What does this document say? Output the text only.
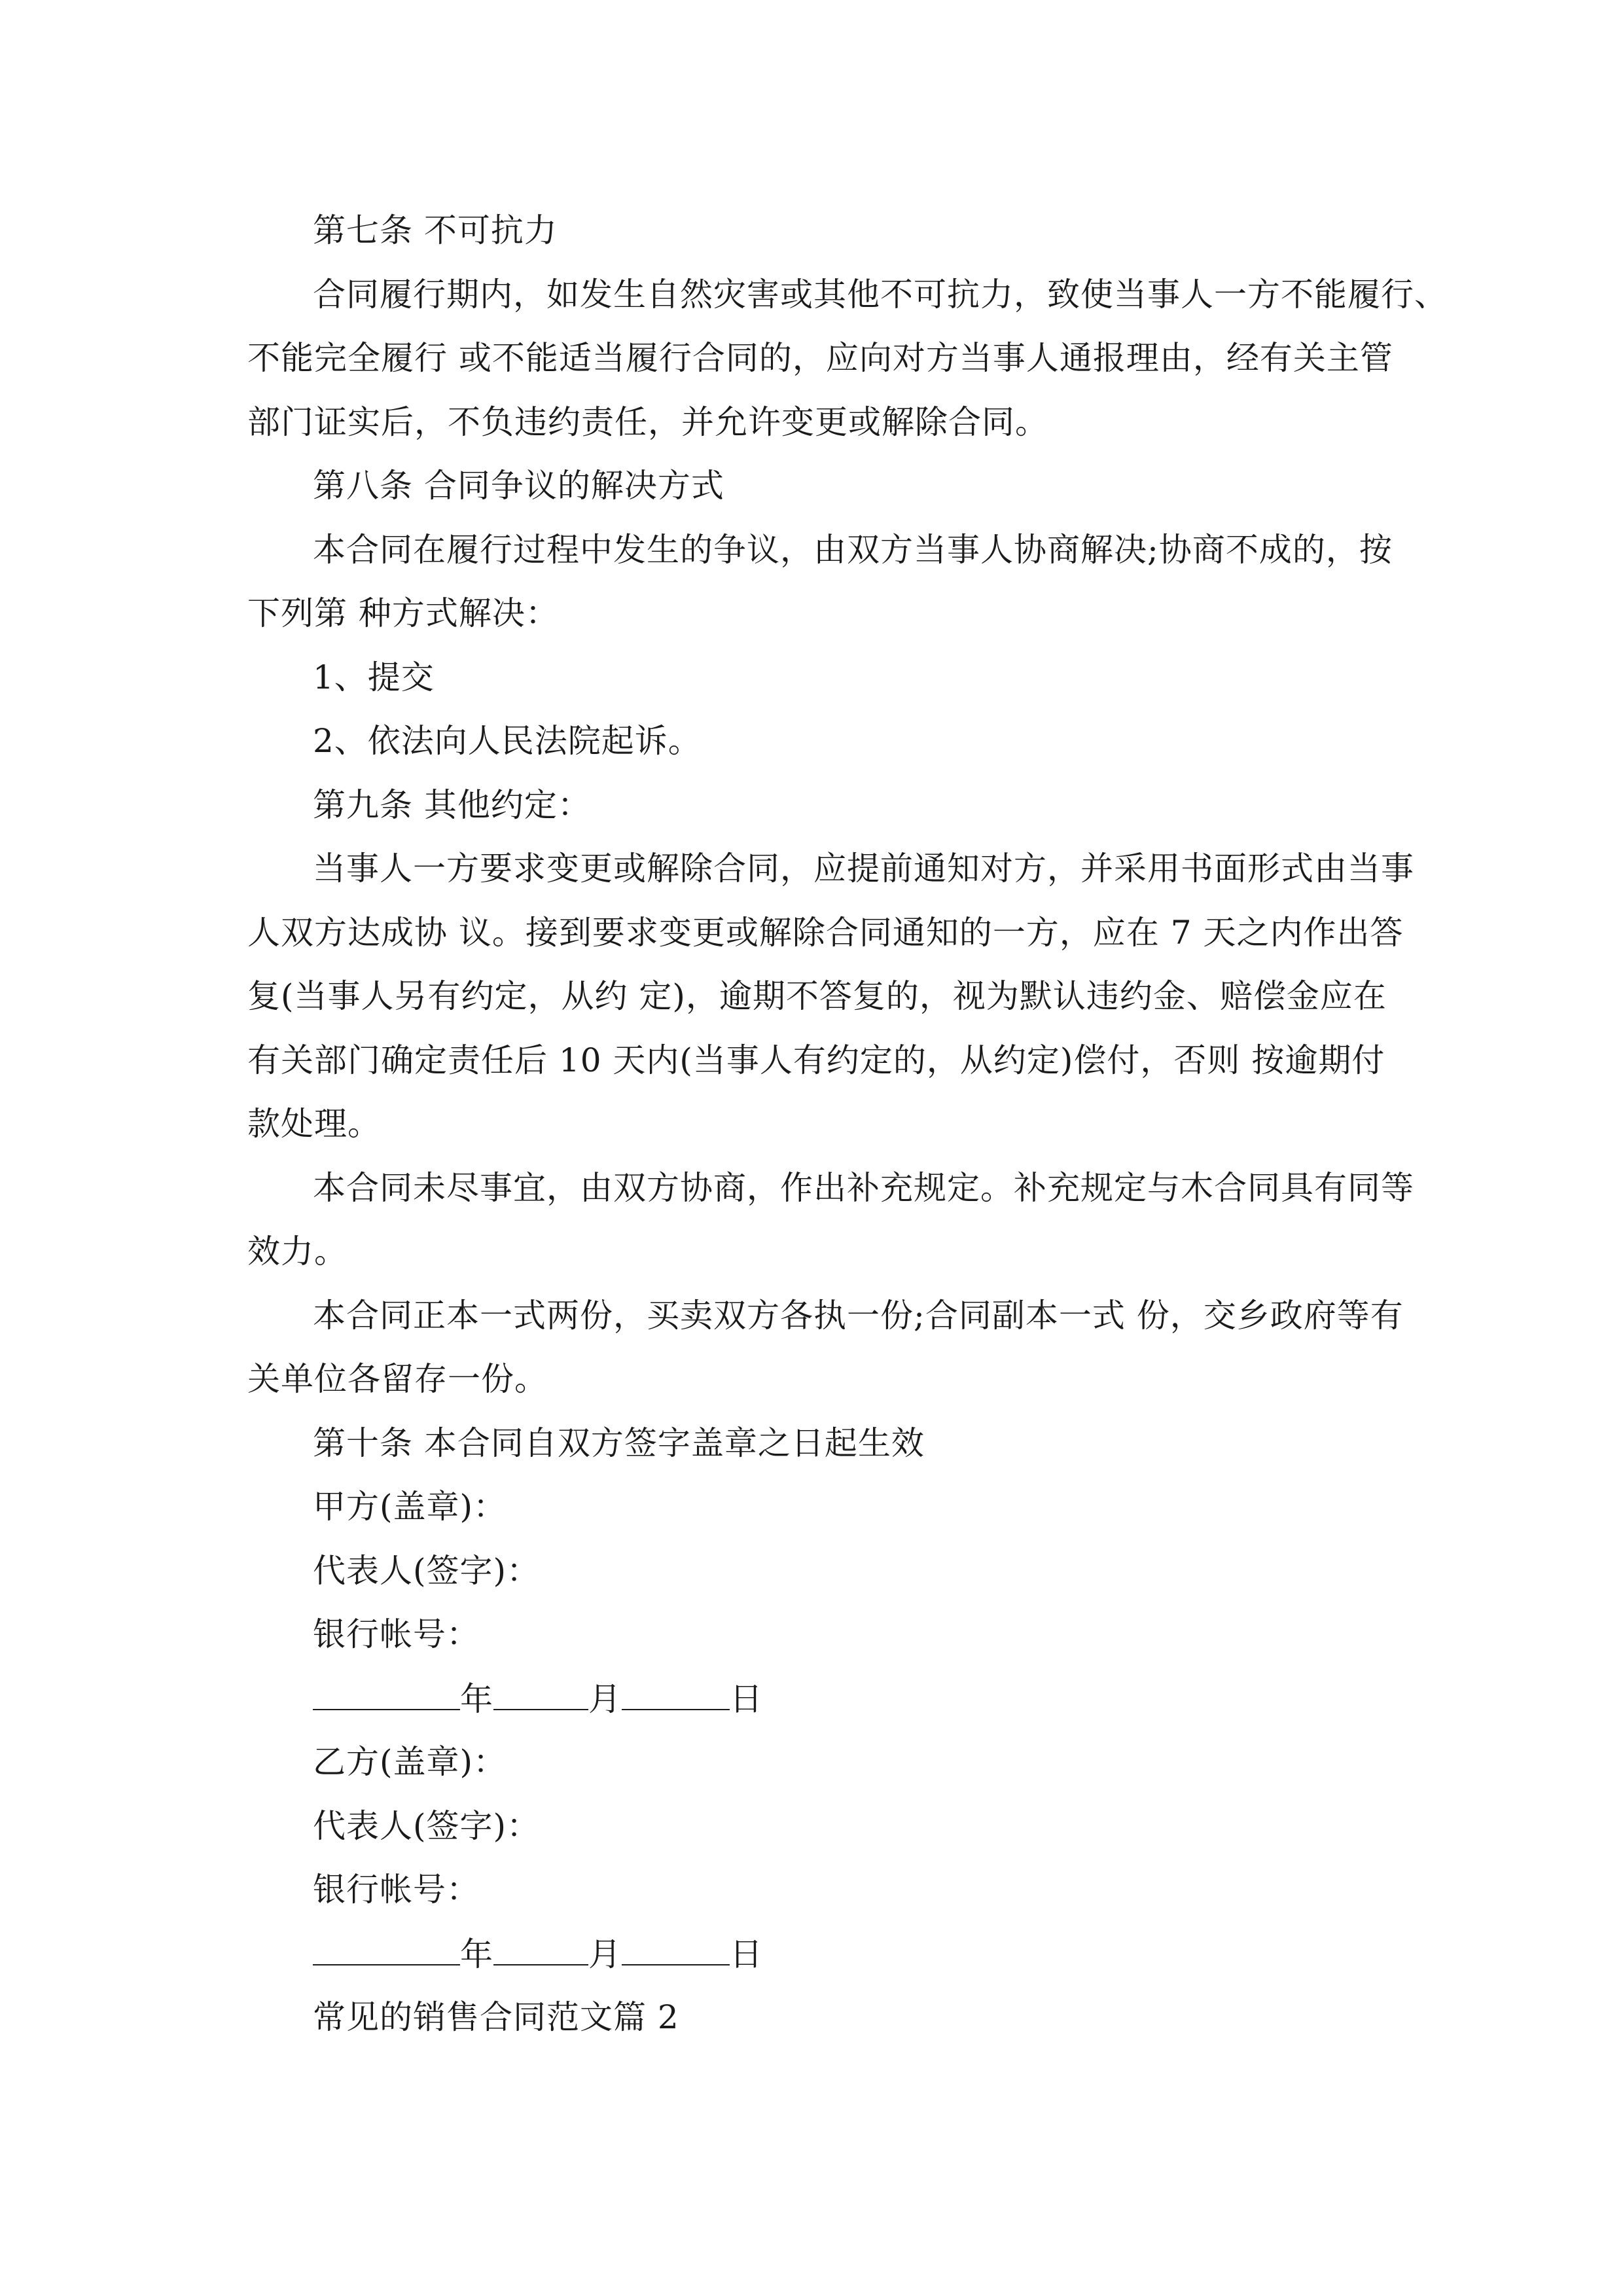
第七条 不可抗力
合同履行期内，如发生自然灾害或其他不可抗力，致使当事人一方不能履行、
不能完全履行 或不能适当履行合同的，应向对方当事人通报理由，经有关主管
部门证实后，不负违约责任，并允许变更或解除合同。
第八条 合同争议的解决方式
本合同在履行过程中发生的争议，由双方当事人协商解决;协商不成的，按
下列第 种方式解决：
1、提交
2、依法向人民法院起诉。
第九条 其他约定：
当事人一方要求变更或解除合同，应提前通知对方，并采用书面形式由当事
人双方达成协 议。接到要求变更或解除合同通知的一方，应在 7 天之内作出答
复(当事人另有约定，从约 定)，逾期不答复的，视为默认违约金、赔偿金应在
有关部门确定责任后 10 天内(当事人有约定的，从约定)偿付，否则 按逾期付
款处理。
本合同未尽事宜，由双方协商，作出补充规定。补充规定与木合同具有同等
效力。
本合同正本一式两份，买卖双方各执一份;合同副本一式 份，交乡政府等有
关单位各留存一份。
第十条 本合同自双方签字盖章之日起生效
甲方(盖章)：
代表人(签字)：
银行帐号：
年	月	日
乙方(盖章)：
代表人(签字)：
银行帐号：
年	月	日
常见的销售合同范文篇 2
